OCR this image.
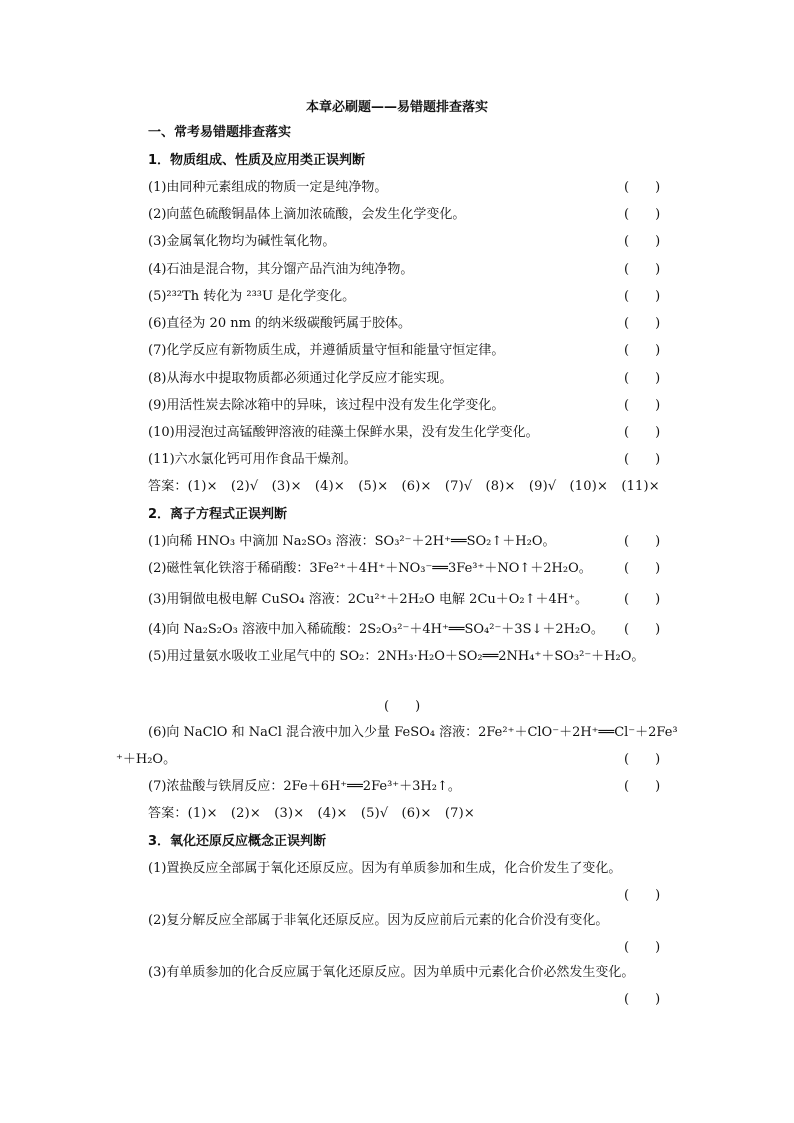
本章必刷题——易错题排查落实
一、常考易错题排查落实
1．物质组成、性质及应用类正误判断
(1)由同种元素组成的物质一定是纯净物。	(　　)
(2)向蓝色硫酸铜晶体上滴加浓硫酸，会发生化学变化。	(　　)
(3)金属氧化物均为碱性氧化物。	(　　)
(4)石油是混合物，其分馏产品汽油为纯净物。	(　　)
(5)²³²Th 转化为 ²³³U 是化学变化。	(　　)
(6)直径为 20 nm 的纳米级碳酸钙属于胶体。	(　　)
(7)化学反应有新物质生成，并遵循质量守恒和能量守恒定律。	(　　)
(8)从海水中提取物质都必须通过化学反应才能实现。	(　　)
(9)用活性炭去除冰箱中的异味，该过程中没有发生化学变化。	(　　)
(10)用浸泡过高锰酸钾溶液的硅藻土保鲜水果，没有发生化学变化。	(　　)
(11)六水氯化钙可用作食品干燥剂。	(　　)
答案：(1)×　(2)√　(3)×　(4)×　(5)×　(6)×　(7)√　(8)×　(9)√　(10)×　(11)×
2．离子方程式正误判断
(1)向稀 HNO₃ 中滴加 Na₂SO₃ 溶液：SO₃²⁻＋2H⁺══SO₂↑＋H₂O。	(　　)
(2)磁性氧化铁溶于稀硝酸：3Fe²⁺＋4H⁺＋NO₃⁻══3Fe³⁺＋NO↑＋2H₂O。 (　　)
(3)用铜做电极电解 CuSO₄ 溶液：2Cu²⁺＋2H₂O 电解 2Cu＋O₂↑＋4H⁺。	(　　)
(4)向 Na₂S₂O₃ 溶液中加入稀硫酸：2S₂O₃²⁻＋4H⁺══SO₄²⁻＋3S↓＋2H₂O。 (　　)
(5)用过量氨水吸收工业尾气中的 SO₂：2NH₃·H₂O＋SO₂══2NH₄⁺＋SO₃²⁻＋H₂O。
(　　)
(6)向 NaClO 和 NaCl 混合液中加入少量 FeSO₄ 溶液：2Fe²⁺＋ClO⁻＋2H⁺══Cl⁻＋2Fe³
⁺＋H₂O。	(　　)
(7)浓盐酸与铁屑反应：2Fe＋6H⁺══2Fe³⁺＋3H₂↑。	(　　)
答案：(1)×　(2)×　(3)×　(4)×　(5)√　(6)×　(7)×
3．氧化还原反应概念正误判断
(1)置换反应全部属于氧化还原反应。因为有单质参加和生成，化合价发生了变化。
(　　)
(2)复分解反应全部属于非氧化还原反应。因为反应前后元素的化合价没有变化。
(　　)
(3)有单质参加的化合反应属于氧化还原反应。因为单质中元素化合价必然发生变化。
(　　)
